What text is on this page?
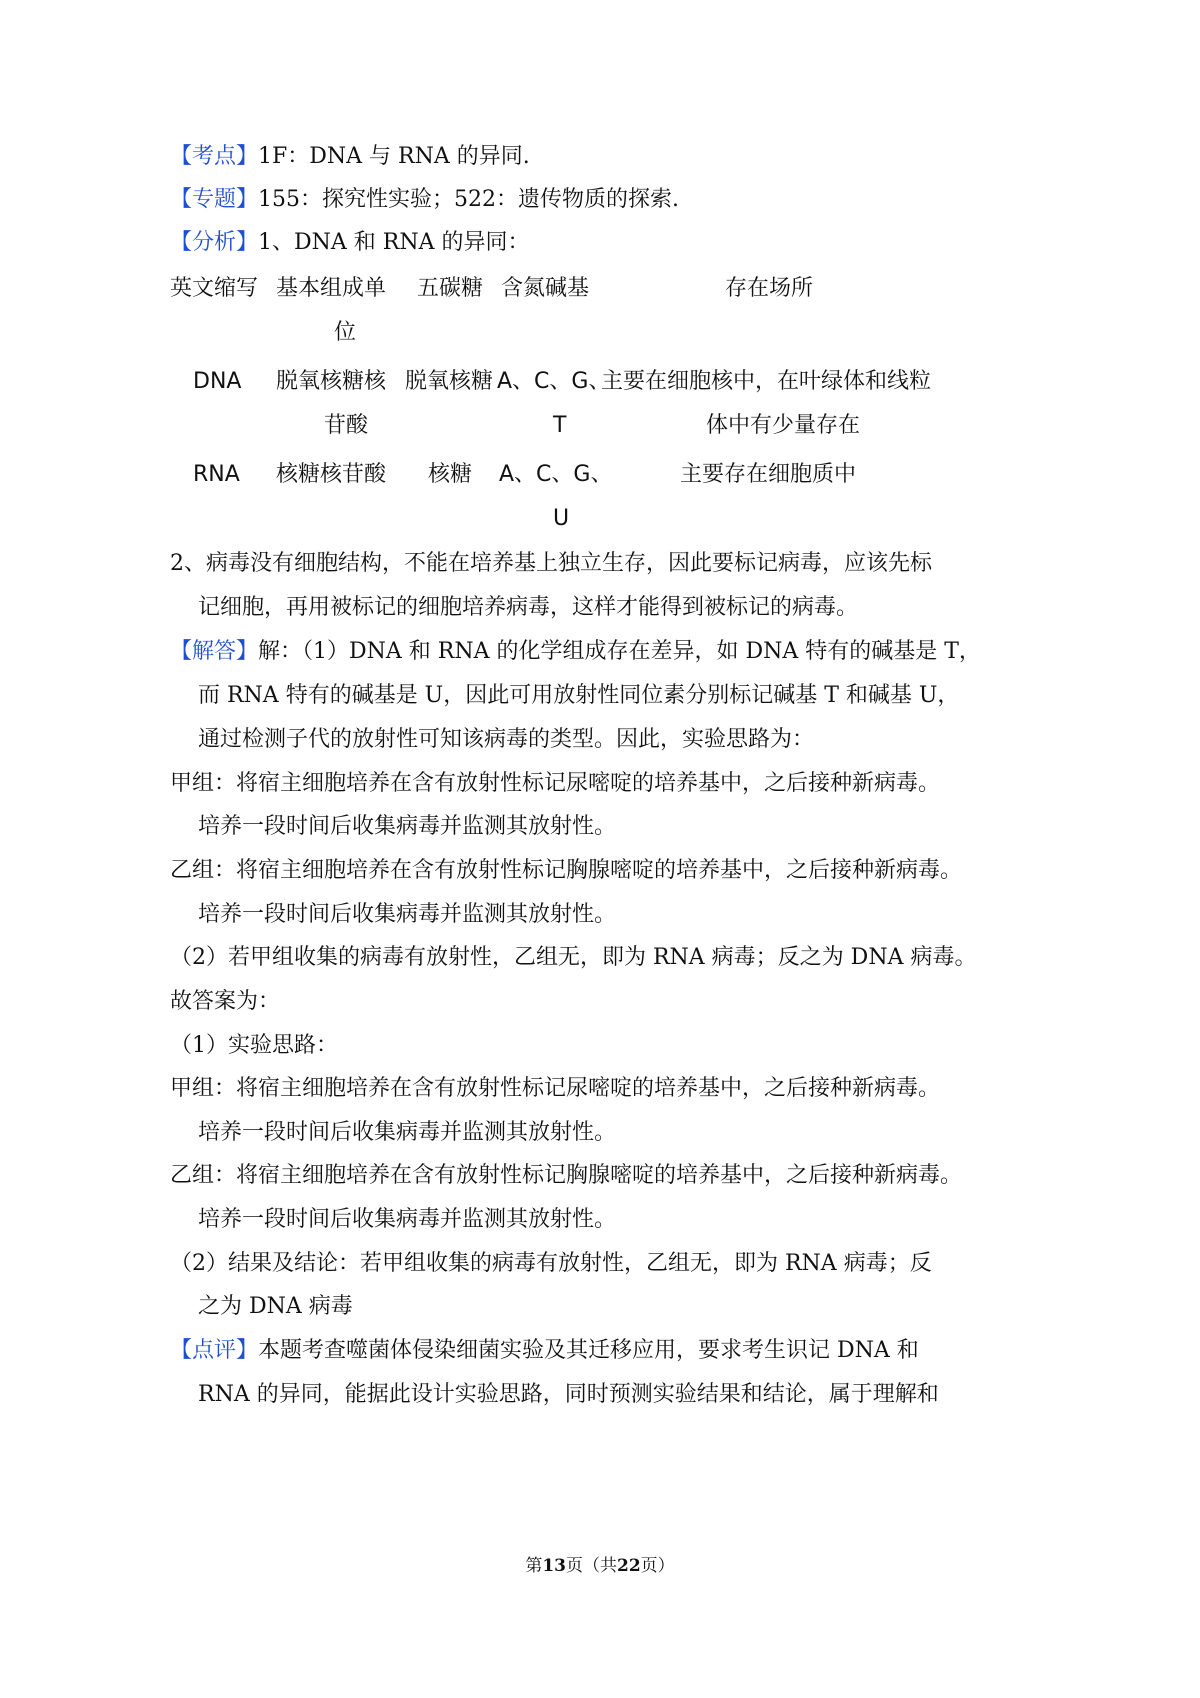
【考点】1F：DNA 与 RNA 的异同.
【专题】155：探究性实验；522：遗传物质的探索.
【分析】1、DNA 和 RNA 的异同：
英文缩写 基本组成单
位
五碳糖 含氮碱基	存在场所
DNA 脱氧核糖核
苷酸
脱氧核糖 A、C、G、
T
主要在细胞核中，在叶绿体和线粒
体中有少量存在
RNA 核糖核苷酸 核糖 A、C、G、
U
主要存在细胞质中
2、病毒没有细胞结构，不能在培养基上独立生存，因此要标记病毒，应该先标
记细胞，再用被标记的细胞培养病毒，这样才能得到被标记的病毒。
【解答】解：（1）DNA 和 RNA 的化学组成存在差异，如 DNA 特有的碱基是 T，
而 RNA 特有的碱基是 U，因此可用放射性同位素分别标记碱基 T 和碱基 U，
通过检测子代的放射性可知该病毒的类型。因此，实验思路为：
甲组：将宿主细胞培养在含有放射性标记尿嘧啶的培养基中，之后接种新病毒。
培养一段时间后收集病毒并监测其放射性。
乙组：将宿主细胞培养在含有放射性标记胸腺嘧啶的培养基中，之后接种新病毒。
培养一段时间后收集病毒并监测其放射性。
（2）若甲组收集的病毒有放射性，乙组无，即为 RNA 病毒；反之为 DNA 病毒。
故答案为：
（1）实验思路：
甲组：将宿主细胞培养在含有放射性标记尿嘧啶的培养基中，之后接种新病毒。
培养一段时间后收集病毒并监测其放射性。
乙组：将宿主细胞培养在含有放射性标记胸腺嘧啶的培养基中，之后接种新病毒。
培养一段时间后收集病毒并监测其放射性。
（2）结果及结论：若甲组收集的病毒有放射性，乙组无，即为 RNA 病毒；反
之为 DNA 病毒
【点评】本题考查噬菌体侵染细菌实验及其迁移应用，要求考生识记 DNA 和
RNA 的异同，能据此设计实验思路，同时预测实验结果和结论，属于理解和
第13页（共22页）
